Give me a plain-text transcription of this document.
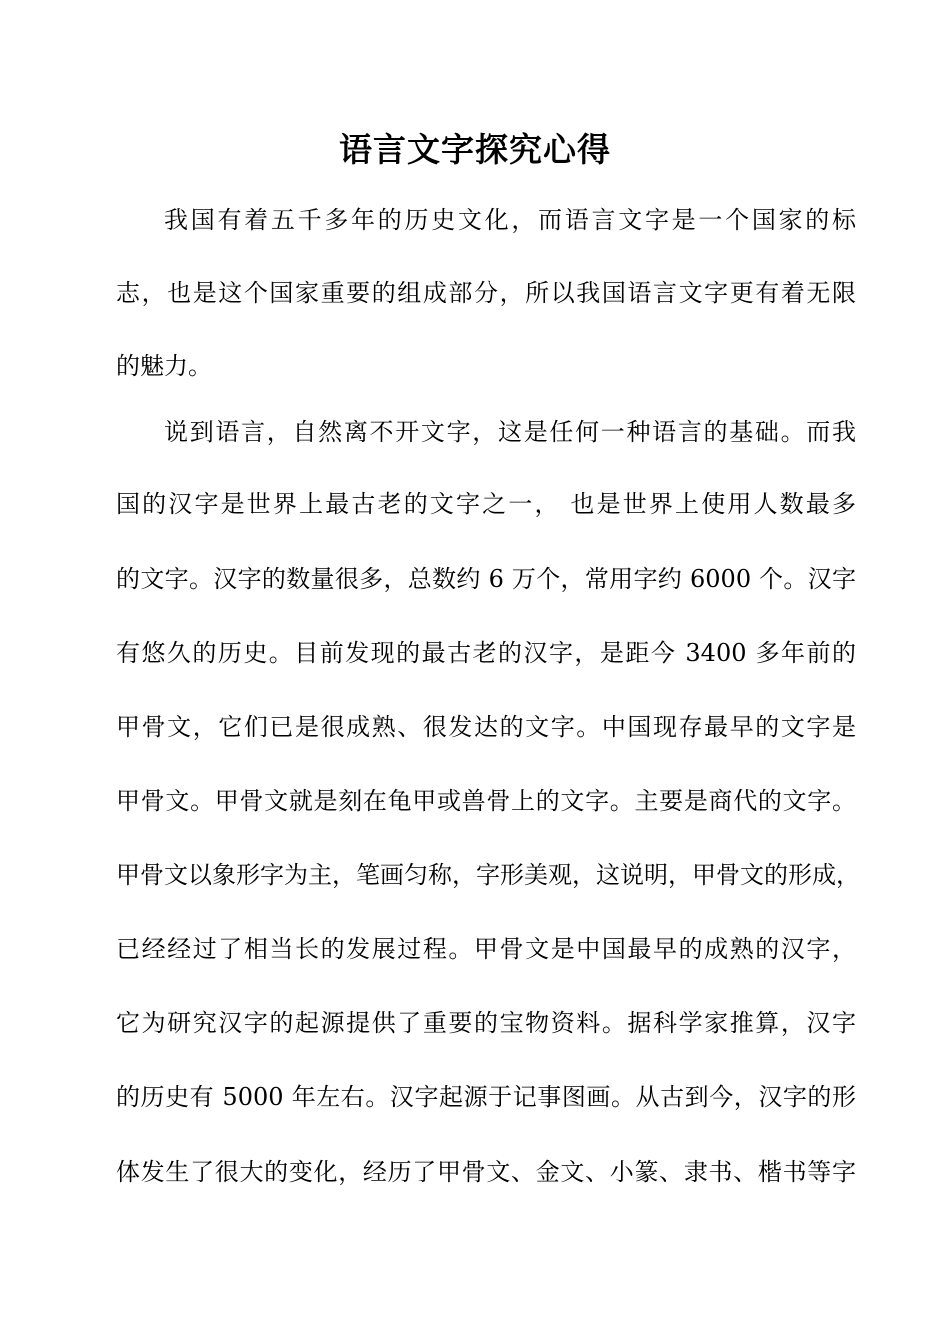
语言文字探究心得
我国有着五千多年的历史文化，而语言文字是一个国家的标
志，也是这个国家重要的组成部分，所以我国语言文字更有着无限
的魅力。
说到语言，自然离不开文字，这是任何一种语言的基础。而我
国的汉字是世界上最古老的文字之一， 也是世界上使用人数最多
的文字。汉字的数量很多，总数约 6 万个，常用字约 6000 个。汉字
有悠久的历史。目前发现的最古老的汉字，是距今 3400 多年前的
甲骨文，它们已是很成熟、很发达的文字。中国现存最早的文字是
甲骨文。甲骨文就是刻在龟甲或兽骨上的文字。主要是商代的文字。
甲骨文以象形字为主，笔画匀称，字形美观，这说明，甲骨文的形成，
已经经过了相当长的发展过程。甲骨文是中国最早的成熟的汉字，
它为研究汉字的起源提供了重要的宝物资料。据科学家推算，汉字
的历史有 5000 年左右。汉字起源于记事图画。从古到今，汉字的形
体发生了很大的变化，经历了甲骨文、金文、小篆、隶书、楷书等字
